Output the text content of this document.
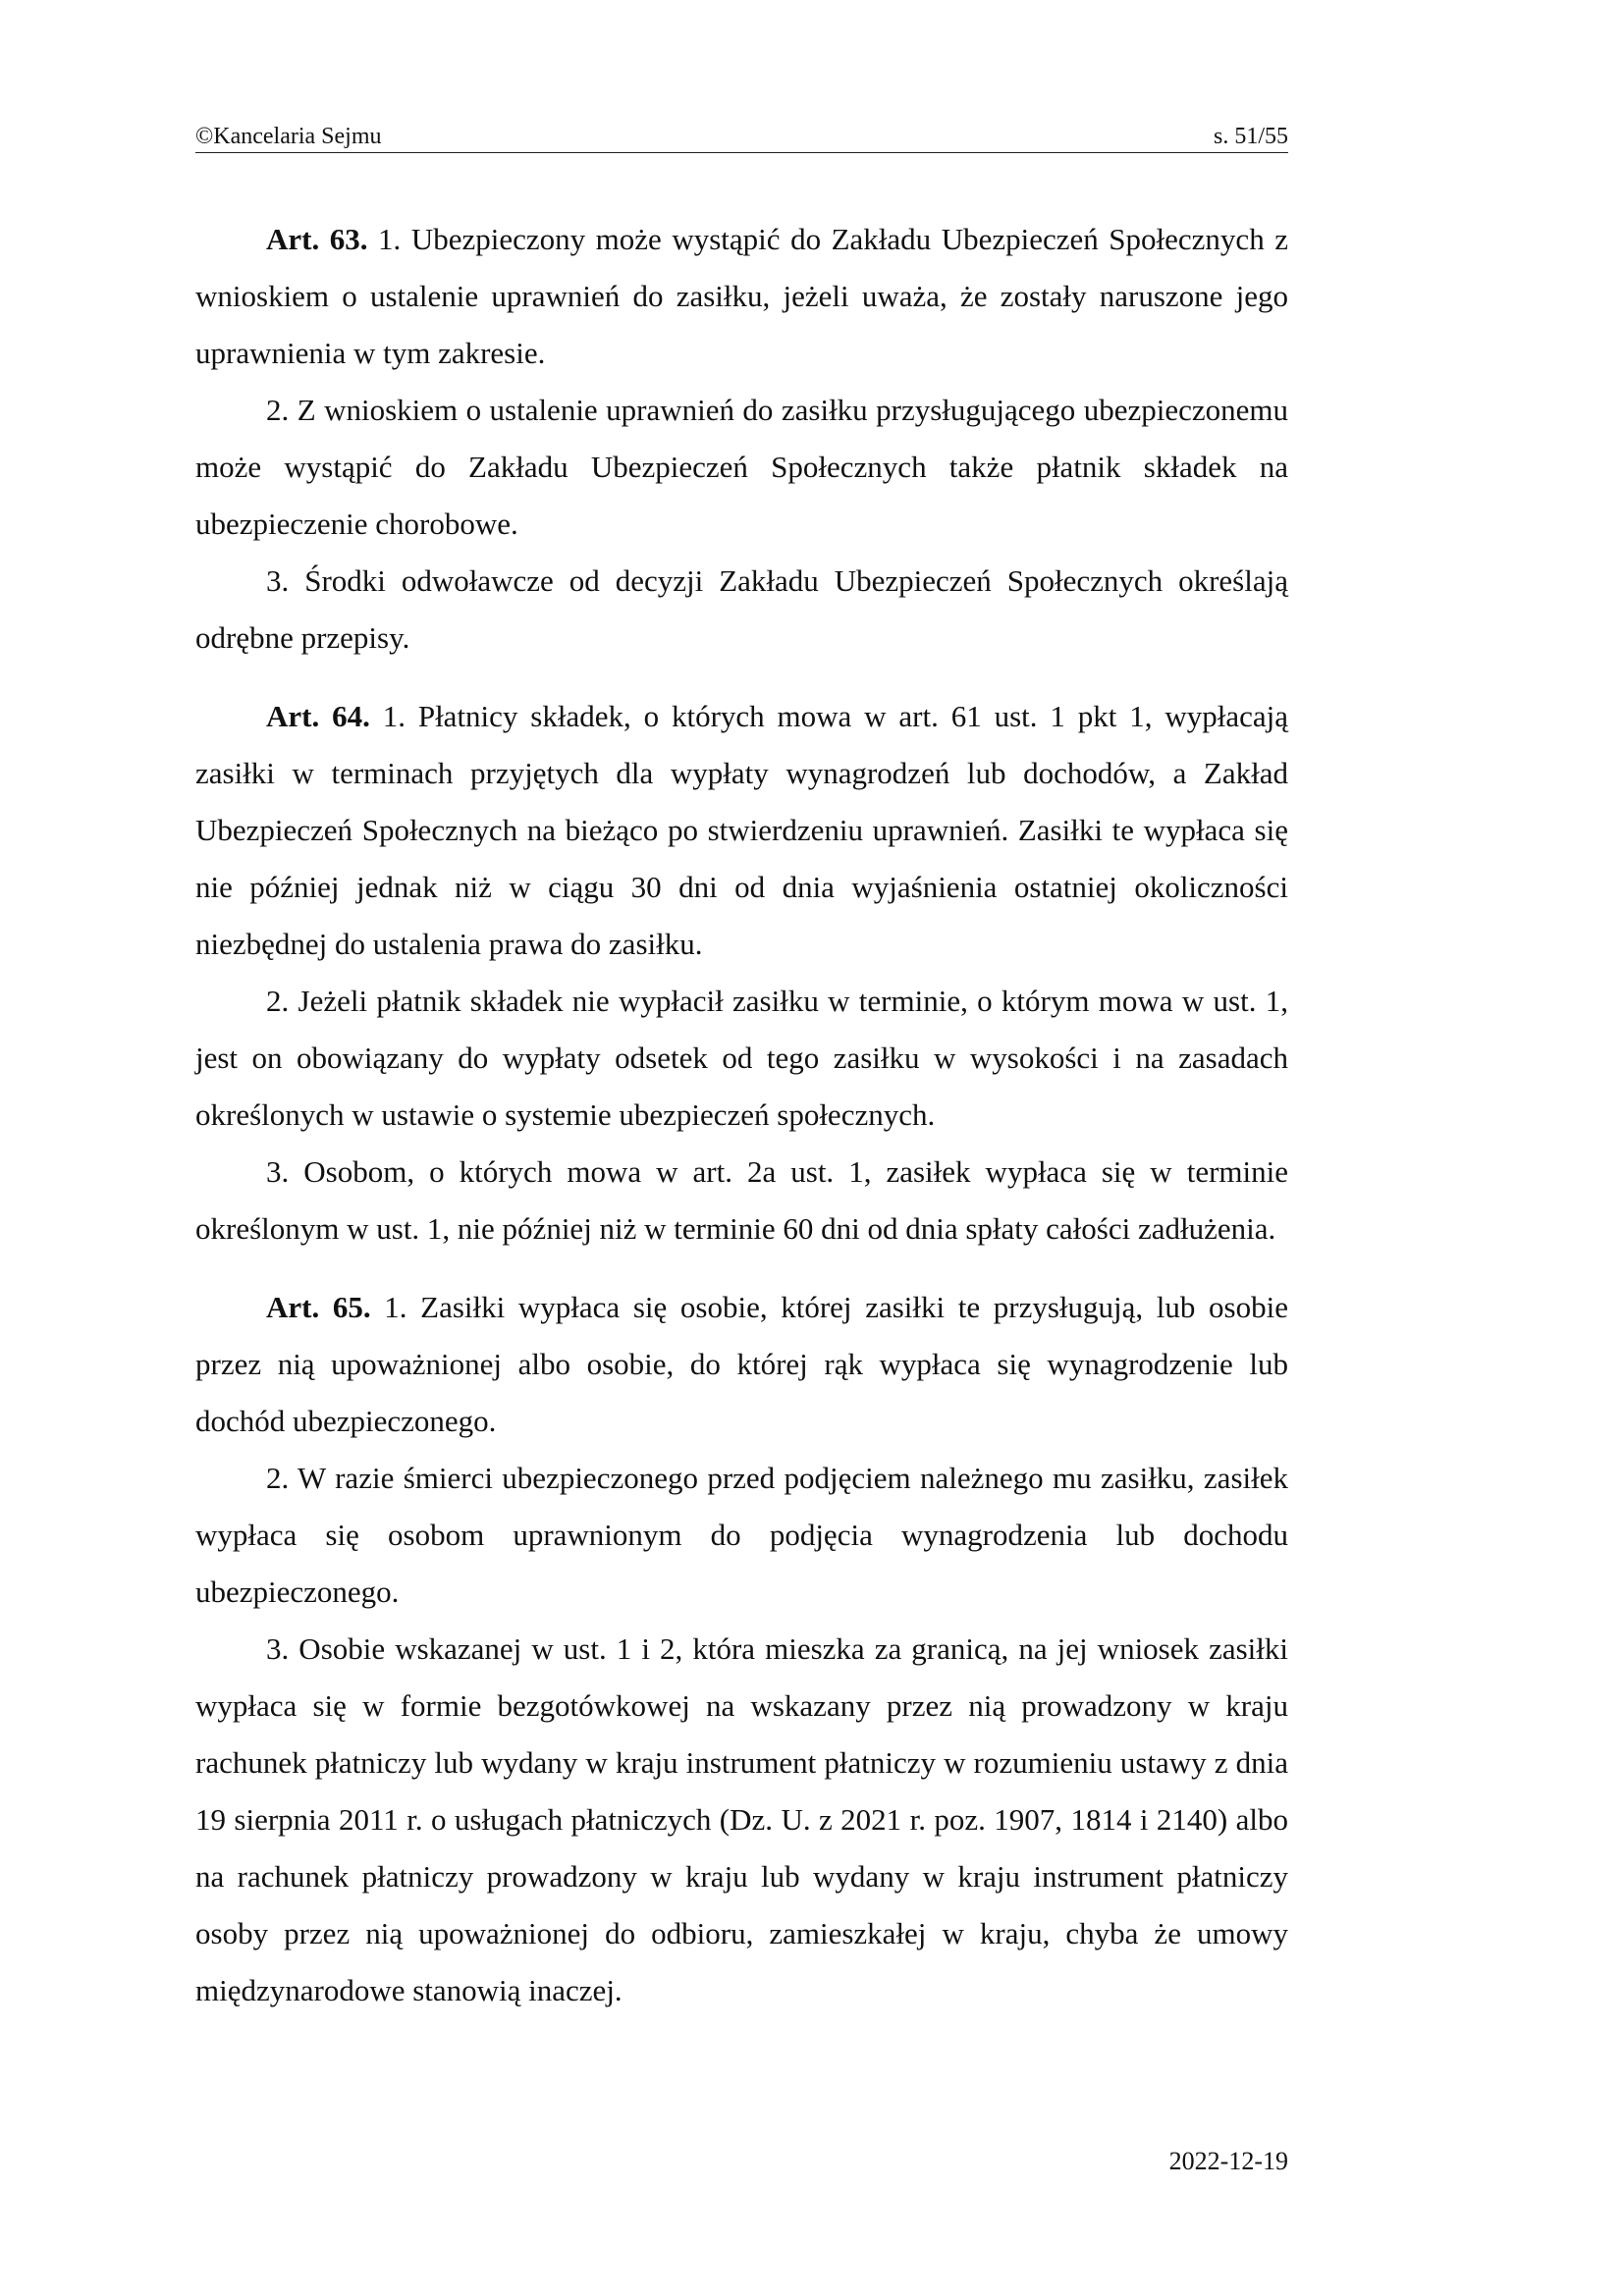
©Kancelaria Sejmu	s. 51/55

Art. 63. 1. Ubezpieczony może wystąpić do Zakładu Ubezpieczeń Społecznych z wnioskiem o ustalenie uprawnień do zasiłku, jeżeli uważa, że zostały naruszone jego uprawnienia w tym zakresie.

2. Z wnioskiem o ustalenie uprawnień do zasiłku przysługującego ubezpieczonemu może wystąpić do Zakładu Ubezpieczeń Społecznych także płatnik składek na ubezpieczenie chorobowe.

3. Środki odwoławcze od decyzji Zakładu Ubezpieczeń Społecznych określają odrębne przepisy.

Art. 64. 1. Płatnicy składek, o których mowa w art. 61 ust. 1 pkt 1, wypłacają zasiłki w terminach przyjętych dla wypłaty wynagrodzeń lub dochodów, a Zakład Ubezpieczeń Społecznych na bieżąco po stwierdzeniu uprawnień. Zasiłki te wypłaca się nie później jednak niż w ciągu 30 dni od dnia wyjaśnienia ostatniej okoliczności niezbędnej do ustalenia prawa do zasiłku.

2. Jeżeli płatnik składek nie wypłacił zasiłku w terminie, o którym mowa w ust. 1, jest on obowiązany do wypłaty odsetek od tego zasiłku w wysokości i na zasadach określonych w ustawie o systemie ubezpieczeń społecznych.

3. Osobom, o których mowa w art. 2a ust. 1, zasiłek wypłaca się w terminie określonym w ust. 1, nie później niż w terminie 60 dni od dnia spłaty całości zadłużenia.

Art. 65. 1. Zasiłki wypłaca się osobie, której zasiłki te przysługują, lub osobie przez nią upoważnionej albo osobie, do której rąk wypłaca się wynagrodzenie lub dochód ubezpieczonego.

2. W razie śmierci ubezpieczonego przed podjęciem należnego mu zasiłku, zasiłek wypłaca się osobom uprawnionym do podjęcia wynagrodzenia lub dochodu ubezpieczonego.

3. Osobie wskazanej w ust. 1 i 2, która mieszka za granicą, na jej wniosek zasiłki wypłaca się w formie bezgotówkowej na wskazany przez nią prowadzony w kraju rachunek płatniczy lub wydany w kraju instrument płatniczy w rozumieniu ustawy z dnia 19 sierpnia 2011 r. o usługach płatniczych (Dz. U. z 2021 r. poz. 1907, 1814 i 2140) albo na rachunek płatniczy prowadzony w kraju lub wydany w kraju instrument płatniczy osoby przez nią upoważnionej do odbioru, zamieszkałej w kraju, chyba że umowy międzynarodowe stanowią inaczej.

2022-12-19
